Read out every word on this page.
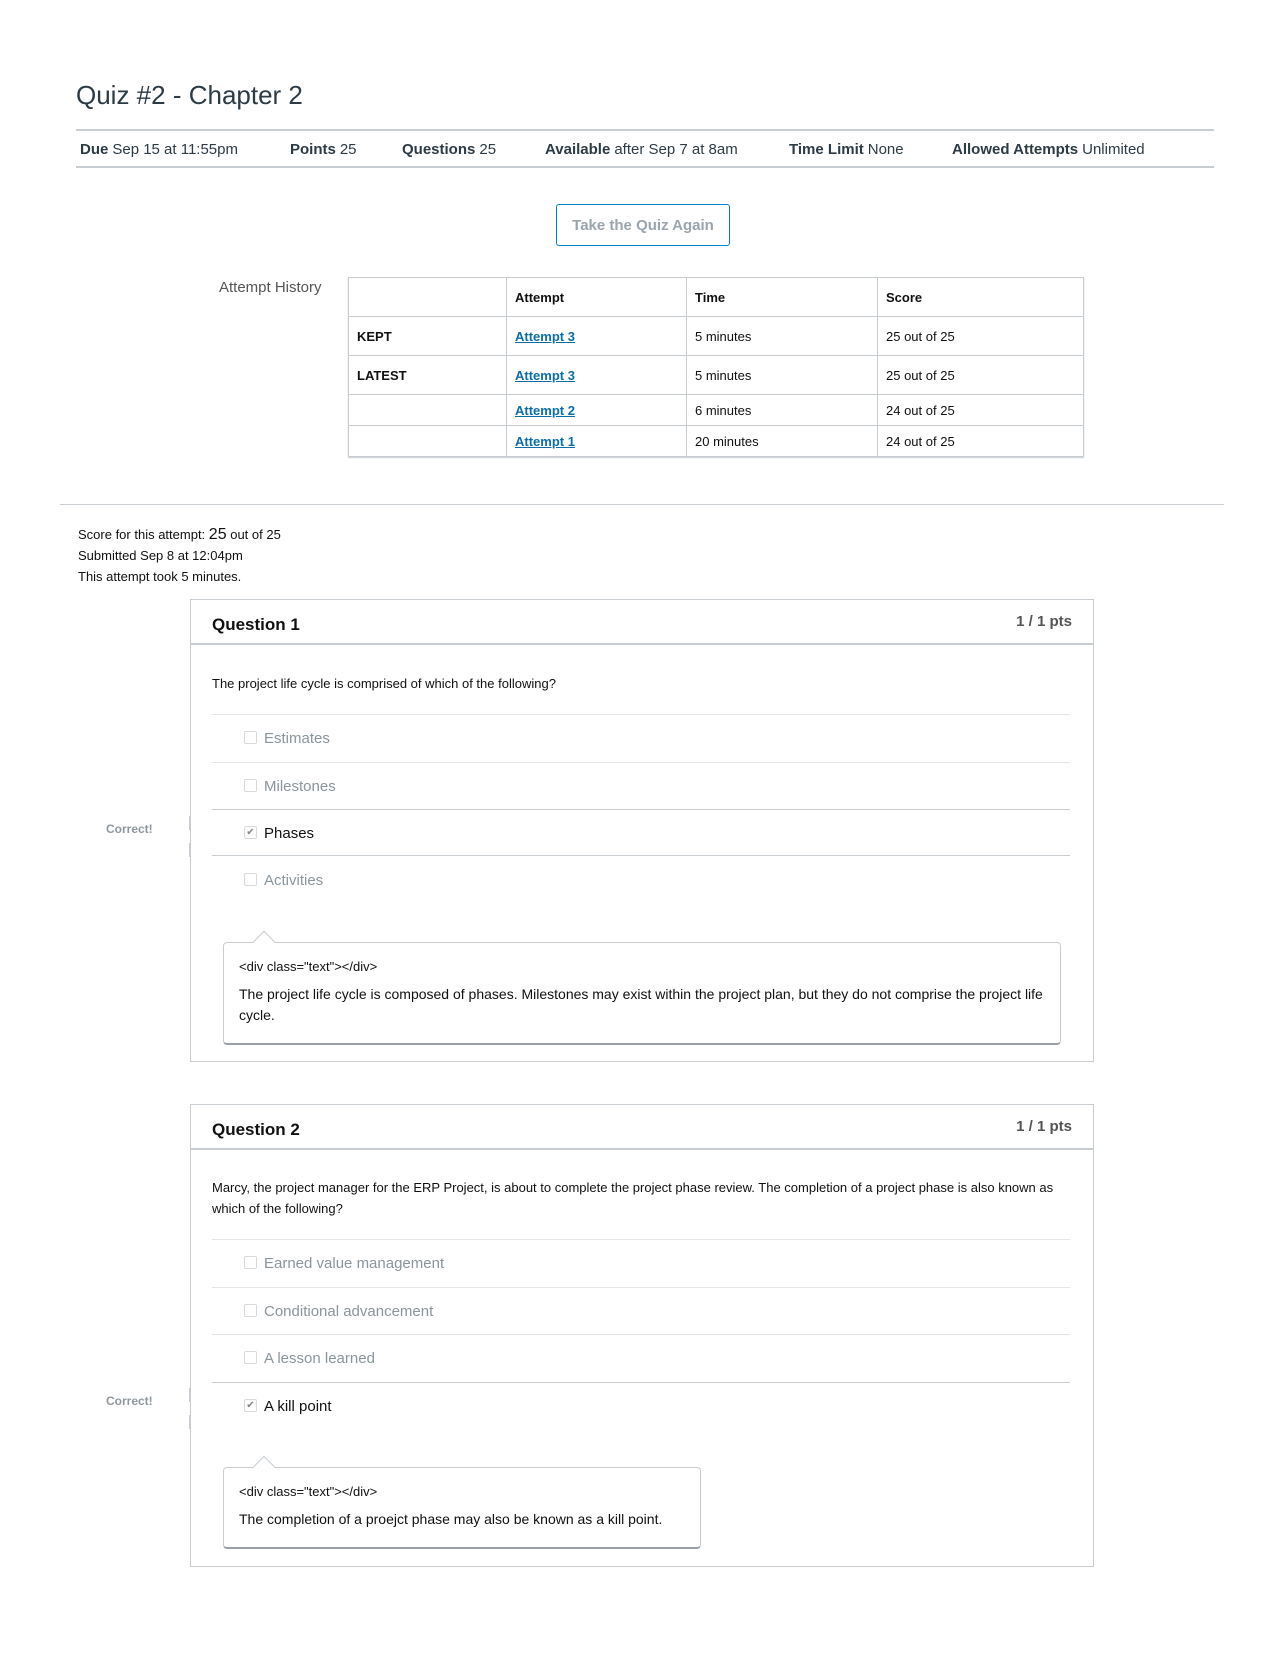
Quiz #2 - Chapter 2
Due Sep 15 at 11:55pm	Points 25	Questions 25	Available after Sep 7 at 8am	Time Limit None	Allowed Attempts Unlimited
Take the Quiz Again
Attempt History
	Attempt	Time	Score
KEPT	Attempt 3	5 minutes	25 out of 25
LATEST	Attempt 3	5 minutes	25 out of 25
	Attempt 2	6 minutes	24 out of 25
	Attempt 1	20 minutes	24 out of 25
Score for this attempt: 25 out of 25
Submitted Sep 8 at 12:04pm
This attempt took 5 minutes.
Correct!
Question 1	1 / 1 pts
The project life cycle is comprised of which of the following?
Estimates
Milestones
✔ Phases
Activities
<div class="text"></div>
The project life cycle is composed of phases. Milestones may exist within the project plan, but they do not comprise the project life cycle.
Correct!
Question 2	1 / 1 pts
Marcy, the project manager for the ERP Project, is about to complete the project phase review. The completion of a project phase is also known as which of the following?
Earned value management
Conditional advancement
A lesson learned
✔ A kill point
<div class="text"></div>
The completion of a proejct phase may also be known as a kill point.
